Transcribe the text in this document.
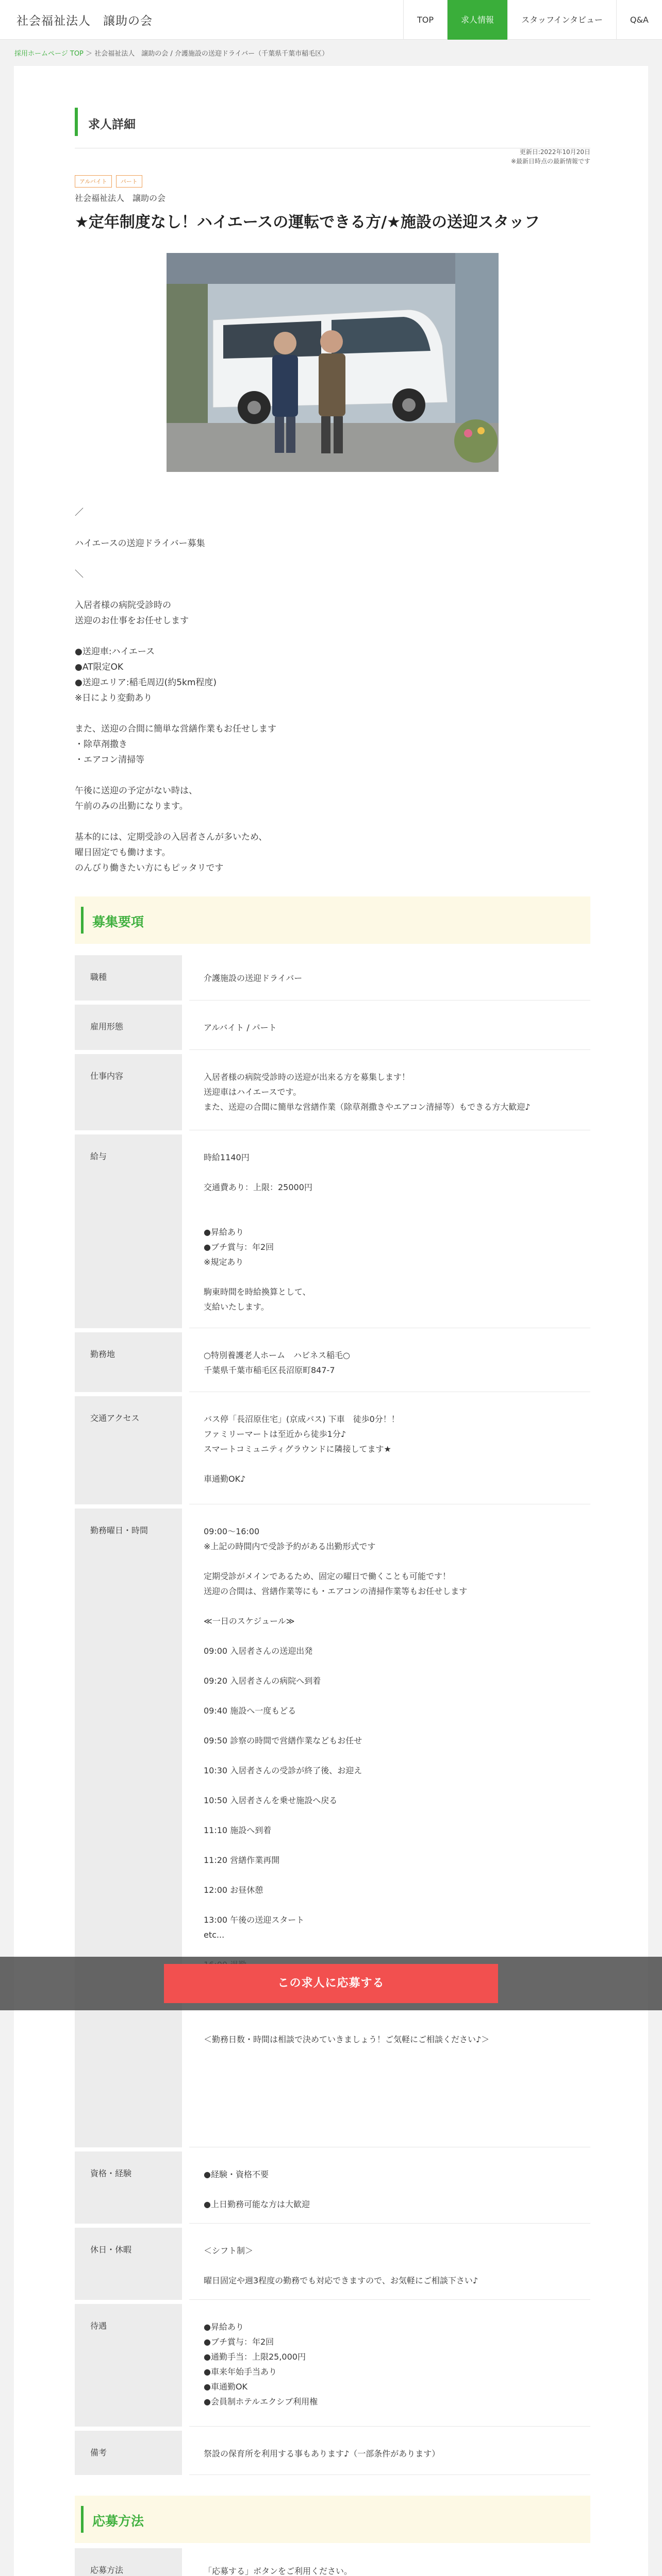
社会福祉法人　譲助の会	TOP	求人情報	スタッフインタビュー	Q&A
採用ホームページ TOP ＞ 社会福祉法人　譲助の会 / 介護施設の送迎ドライバー（千葉県千葉市稲毛区）
求人詳細
更新日:2022年10月20日
※最新日時点の最新情報です
アルバイト	パート
社会福祉法人　譲助の会
★定年制度なし！ハイエースの運転できる方/★施設の送迎スタッフ
／

ハイエースの送迎ドライバー募集

＼

入居者様の病院受診時の
送迎のお仕事をお任せします

●送迎車:ハイエース
●AT限定OK
●送迎エリア:稲毛周辺(約5km程度)
※日により変動あり

また、送迎の合間に簡単な営繕作業もお任せします
・除草剤撒き
・エアコン清掃等

午後に送迎の予定がない時は、
午前のみの出勤になります。

基本的には、定期受診の入居者さんが多いため、
曜日固定でも働けます。
のんびり働きたい方にもピッタリです
募集要項
職種	介護施設の送迎ドライバー
雇用形態	アルバイト / パート
仕事内容	入居者様の病院受診時の送迎が出来る方を募集します！
送迎車はハイエースです。
また、送迎の合間に簡単な営繕作業（除草剤撒きやエアコン清掃等）もできる方大歓迎♪
給与	時給1140円

交通費あり：上限：25000円

●昇給あり
●ブチ賞与：年2回
※規定あり

駒東時間を時給換算として、
支給いたします。
勤務地	○特別養護老人ホーム　ハビネス稲毛○
千葉県千葉市稲毛区長沼原町847-7
交通アクセス	バス停「長沼原住宅」(京成バス) 下車　徒歩0分！！
ファミリーマートは至近から徒歩1分♪
スマートコミュニティグラウンドに隣接してます★

車通勤OK♪
勤務曜日・時間	09:00〜16:00
※上記の時間内で受診予約がある出勤形式です

定期受診がメインであるため、固定の曜日で働くことも可能です！
送迎の合間は、営繕作業等にも・エアコンの清掃作業等もお任せします

≪一日のスケジュール≫

09:00 入居者さんの送迎出発

09:20 入居者さんの病院へ到着

09:40 施設へ一度もどる

09:50 診察の時間で営繕作業などもお任せ

10:30 入居者さんの受診が終了後、お迎え

10:50 入居者さんを乗せ施設へ戻る

11:10 施設へ到着

11:20 営繕作業再開

12:00 お昼休憩

13:00 午後の送迎スタート
etc...

＜勤務日数・時間は相談で決めていきましょう！ご気軽にご相談ください♪＞
資格・経験	●経験・資格不要

●上日勤務可能な方は大歓迎
休日・休暇	＜シフト制＞

曜日固定や週3程度の勤務でも対応できますので、お気軽にご相談下さい♪
待遇	●昇給あり
●ブチ賞与：年2回
●通勤手当：上限25,000円
●車来年始手当あり
●車通勤OK
●会員制ホテルエクシブ利用権
備考	祭設の保育所を利用する事もあります♪（一部条件があります）
応募方法
応募方法	「応募する」ボタンをご利用ください。

この求人に応募する
